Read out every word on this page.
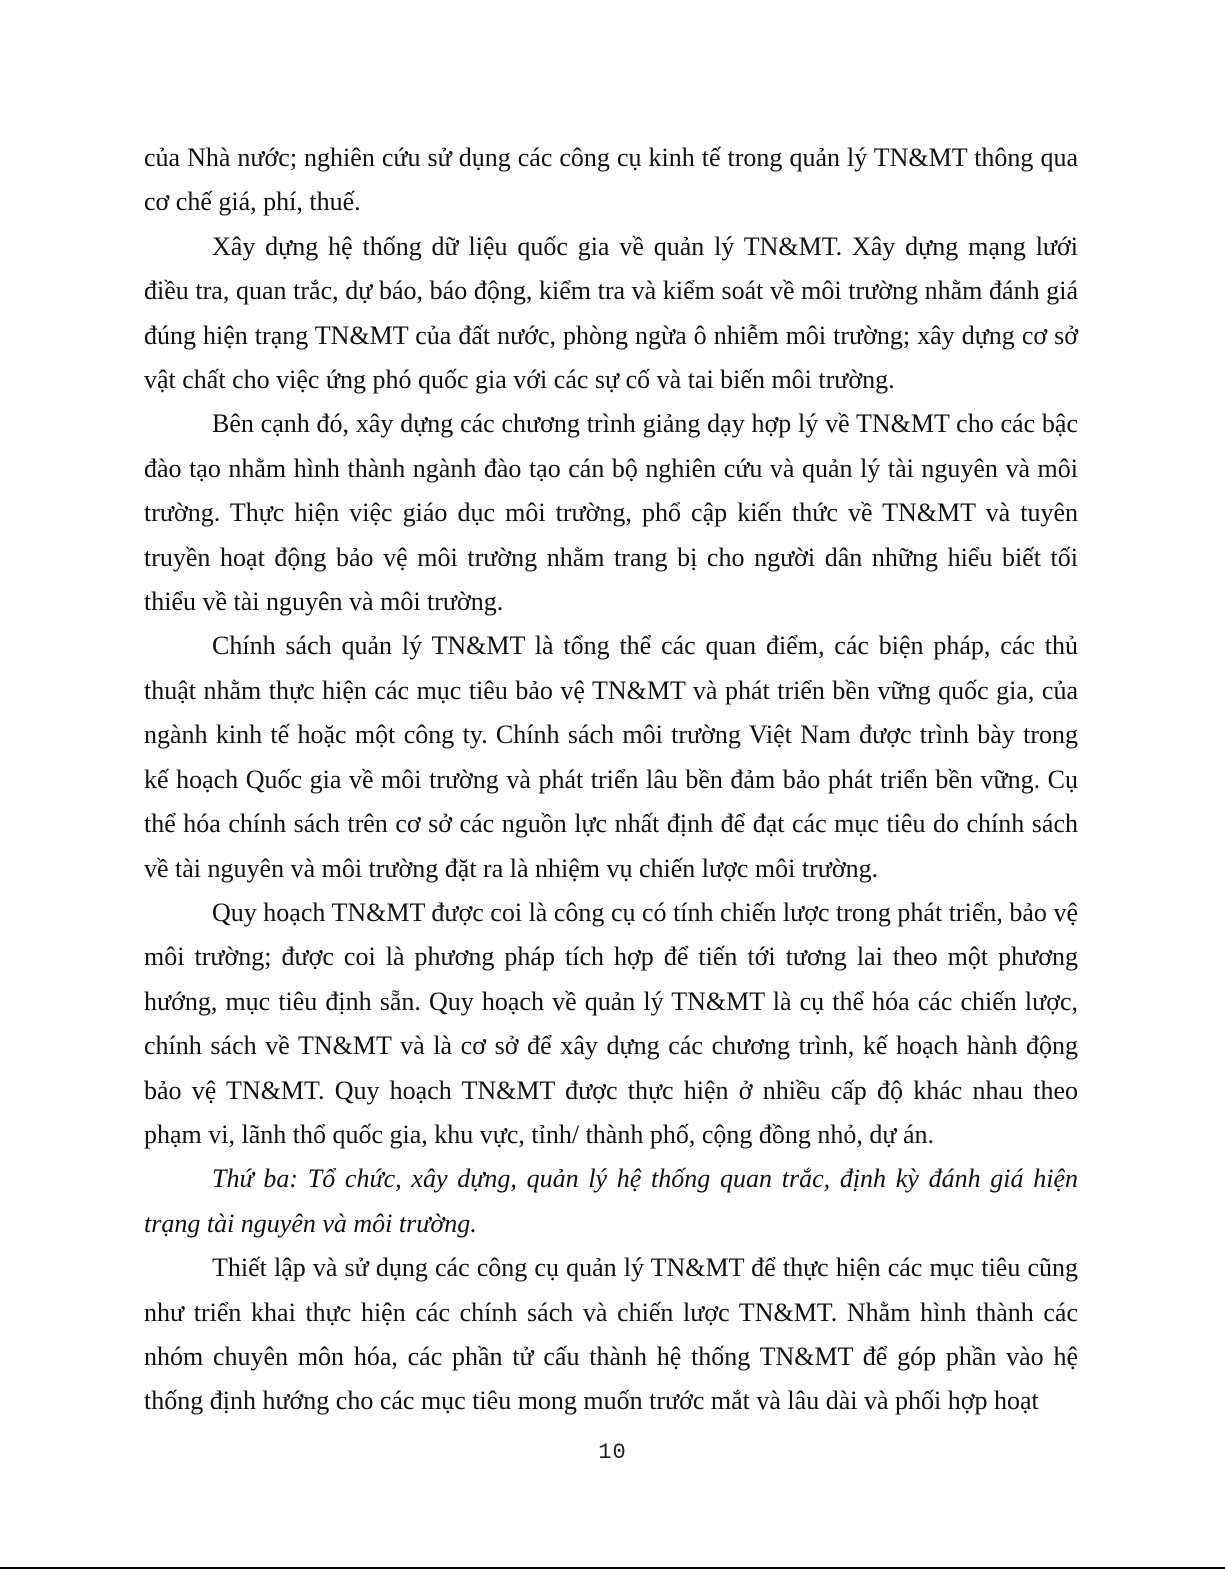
của Nhà nước; nghiên cứu sử dụng các công cụ kinh tế trong quản lý TN&MT thông qua cơ chế giá, phí, thuế.

Xây dựng hệ thống dữ liệu quốc gia về quản lý TN&MT. Xây dựng mạng lưới điều tra, quan trắc, dự báo, báo động, kiểm tra và kiểm soát về môi trường nhằm đánh giá đúng hiện trạng TN&MT của đất nước, phòng ngừa ô nhiễm môi trường; xây dựng cơ sở vật chất cho việc ứng phó quốc gia với các sự cố và tai biến môi trường.

Bên cạnh đó, xây dựng các chương trình giảng dạy hợp lý về TN&MT cho các bậc đào tạo nhằm hình thành ngành đào tạo cán bộ nghiên cứu và quản lý tài nguyên và môi trường. Thực hiện việc giáo dục môi trường, phổ cập kiến thức về TN&MT và tuyên truyền hoạt động bảo vệ môi trường nhằm trang bị cho người dân những hiểu biết tối thiểu về tài nguyên và môi trường.

Chính sách quản lý TN&MT là tổng thể các quan điểm, các biện pháp, các thủ thuật nhằm thực hiện các mục tiêu bảo vệ TN&MT và phát triển bền vững quốc gia, của ngành kinh tế hoặc một công ty. Chính sách môi trường Việt Nam được trình bày trong kế hoạch Quốc gia về môi trường và phát triển lâu bền đảm bảo phát triển bền vững. Cụ thể hóa chính sách trên cơ sở các nguồn lực nhất định để đạt các mục tiêu do chính sách về tài nguyên và môi trường đặt ra là nhiệm vụ chiến lược môi trường.

Quy hoạch TN&MT được coi là công cụ có tính chiến lược trong phát triển, bảo vệ môi trường; được coi là phương pháp tích hợp để tiến tới tương lai theo một phương hướng, mục tiêu định sẵn. Quy hoạch về quản lý TN&MT là cụ thể hóa các chiến lược, chính sách về TN&MT và là cơ sở để xây dựng các chương trình, kế hoạch hành động bảo vệ TN&MT. Quy hoạch TN&MT được thực hiện ở nhiều cấp độ khác nhau theo phạm vi, lãnh thổ quốc gia, khu vực, tỉnh/ thành phố, cộng đồng nhỏ, dự án.

Thứ ba: Tổ chức, xây dựng, quản lý hệ thống quan trắc, định kỳ đánh giá hiện trạng tài nguyên và môi trường.

Thiết lập và sử dụng các công cụ quản lý TN&MT để thực hiện các mục tiêu cũng như triển khai thực hiện các chính sách và chiến lược TN&MT. Nhằm hình thành các nhóm chuyên môn hóa, các phần tử cấu thành hệ thống TN&MT để góp phần vào hệ thống định hướng cho các mục tiêu mong muốn trước mắt và lâu dài và phối hợp hoạt

10
